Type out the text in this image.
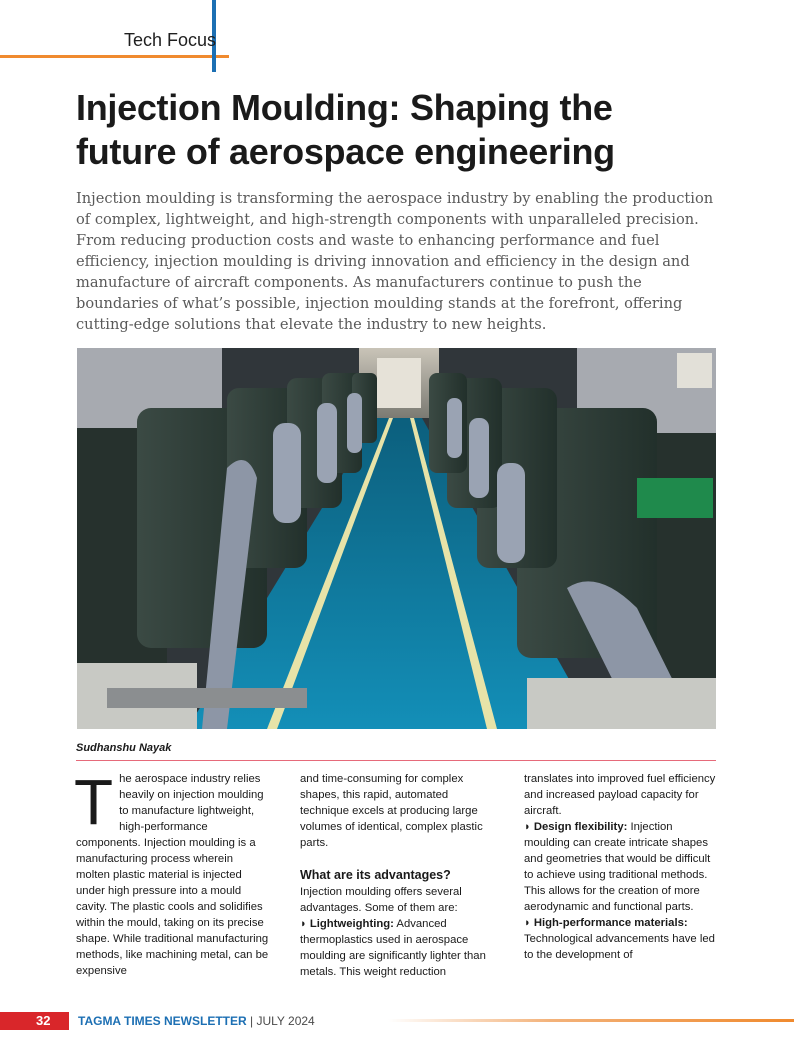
Tech Focus
Injection Moulding: Shaping the
future of aerospace engineering

Injection moulding is transforming the aerospace industry by enabling the production of complex, lightweight, and high-strength components with unparalleled precision. From reducing production costs and waste to enhancing performance and fuel efficiency, injection moulding is driving innovation and efficiency in the design and manufacture of aircraft components. As manufacturers continue to push the boundaries of what’s possible, injection moulding stands at the forefront, offering cutting-edge solutions that elevate the industry to new heights.

Sudhanshu Nayak

The aerospace industry relies heavily on injection moulding to manufacture lightweight, high-performance components. Injection moulding is a manufacturing process wherein molten plastic material is injected under high pressure into a mould cavity. The plastic cools and solidifies within the mould, taking on its precise shape. While traditional manufacturing methods, like machining metal, can be expensive

and time-consuming for complex shapes, this rapid, automated technique excels at producing large volumes of identical, complex plastic parts.

What are its advantages?

Injection moulding offers several advantages. Some of them are:

◗ Lightweighting: Advanced thermoplastics used in aerospace moulding are significantly lighter than metals. This weight reduction

translates into improved fuel efficiency and increased payload capacity for aircraft.

◗ Design flexibility: Injection moulding can create intricate shapes and geometries that would be difficult to achieve using traditional methods. This allows for the creation of more aerodynamic and functional parts.

◗ High-performance materials: Technological advancements have led to the development of

32	TAGMA TIMES NEWSLETTER | JULY 2024
